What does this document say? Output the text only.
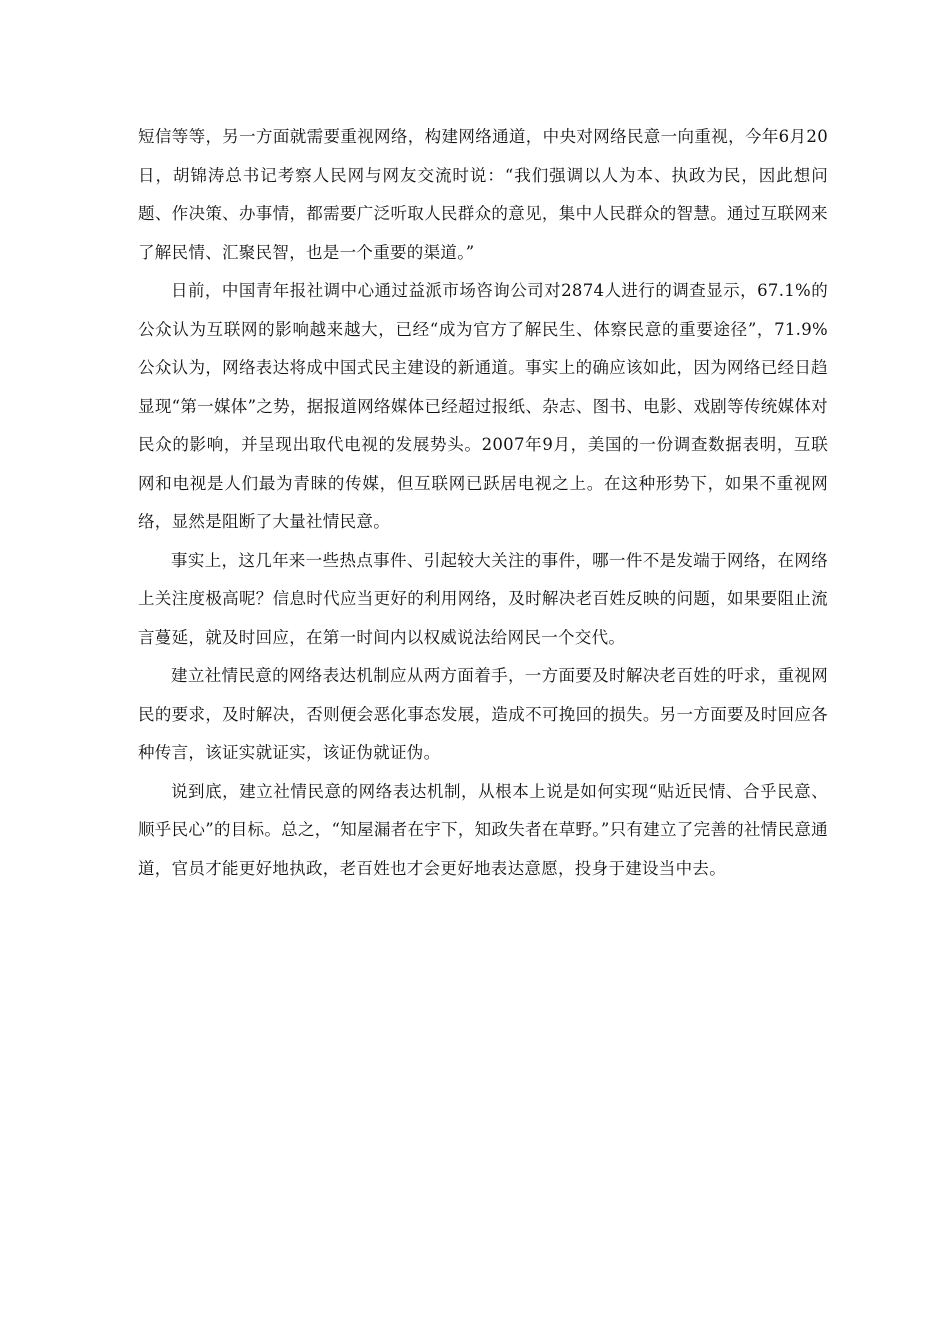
短信等等，另一方面就需要重视网络，构建网络通道，中央对网络民意一向重视，今年6月20日，胡锦涛总书记考察人民网与网友交流时说：“我们强调以人为本、执政为民，因此想问题、作决策、办事情，都需要广泛听取人民群众的意见，集中人民群众的智慧。通过互联网来了解民情、汇聚民智，也是一个重要的渠道。”

日前，中国青年报社调中心通过益派市场咨询公司对2874人进行的调查显示，67.1%的公众认为互联网的影响越来越大，已经“成为官方了解民生、体察民意的重要途径”，71.9%公众认为，网络表达将成中国式民主建设的新通道。事实上的确应该如此，因为网络已经日趋显现“第一媒体”之势，据报道网络媒体已经超过报纸、杂志、图书、电影、戏剧等传统媒体对民众的影响，并呈现出取代电视的发展势头。2007年9月，美国的一份调查数据表明，互联网和电视是人们最为青睐的传媒，但互联网已跃居电视之上。在这种形势下，如果不重视网络，显然是阻断了大量社情民意。

事实上，这几年来一些热点事件、引起较大关注的事件，哪一件不是发端于网络，在网络上关注度极高呢？信息时代应当更好的利用网络，及时解决老百姓反映的问题，如果要阻止流言蔓延，就及时回应，在第一时间内以权威说法给网民一个交代。

建立社情民意的网络表达机制应从两方面着手，一方面要及时解决老百姓的吁求，重视网民的要求，及时解决，否则便会恶化事态发展，造成不可挽回的损失。另一方面要及时回应各种传言，该证实就证实，该证伪就证伪。

说到底，建立社情民意的网络表达机制，从根本上说是如何实现“贴近民情、合乎民意、顺乎民心”的目标。总之，“知屋漏者在宇下，知政失者在草野。”只有建立了完善的社情民意通道，官员才能更好地执政，老百姓也才会更好地表达意愿，投身于建设当中去。
